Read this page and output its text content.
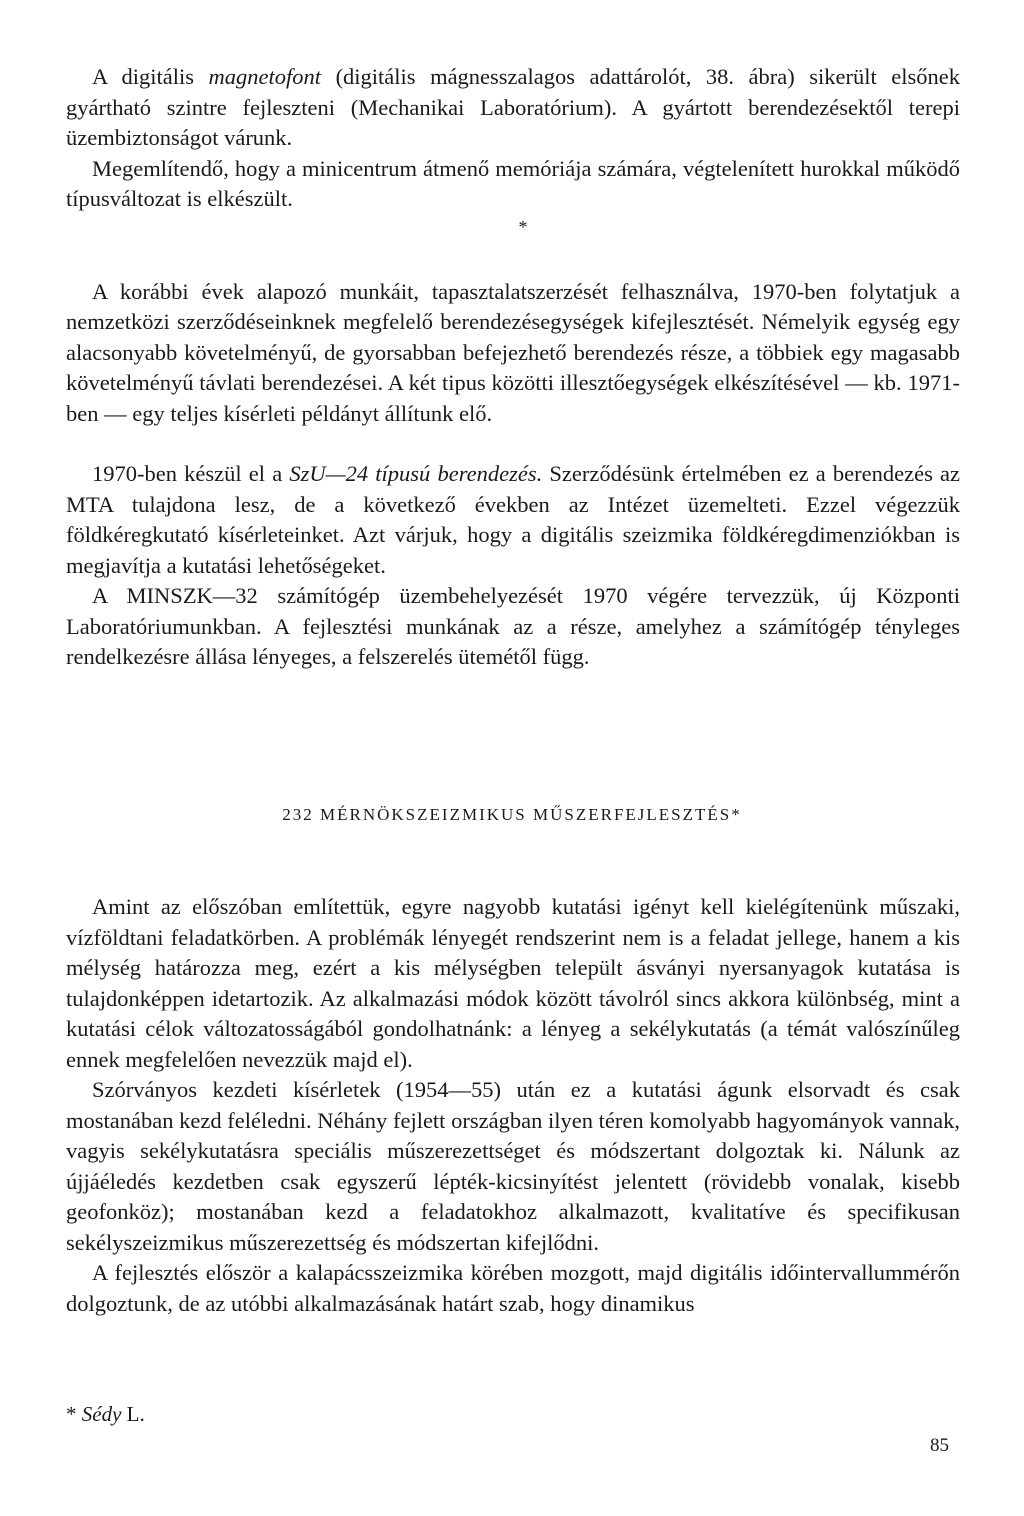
A digitális magnetofont (digitális mágnesszalagos adattárolót, 38. ábra) sikerült elsőnek gyártható szintre fejleszteni (Mechanikai Laboratórium). A gyártott berendezésektől terepi üzembiztonságot várunk.

Megemlítendő, hogy a minicentrum átmenő memóriája számára, végtelenített hurokkal működő típusváltozat is elkészült.

*

A korábbi évek alapozó munkáit, tapasztalatszerzését felhasználva, 1970-ben folytatjuk a nemzetközi szerződéseinknek megfelelő berendezésegységek kifejlesztését. Némelyik egység egy alacsonyabb követelményű, de gyorsabban befejezhető berendezés része, a többiek egy magasabb követelményű távlati berendezései. A két tipus közötti illesztőegységek elkészítésével — kb. 1971-ben — egy teljes kísérleti példányt állítunk elő.

1970-ben készül el a SzU—24 típusú berendezés. Szerződésünk értelmében ez a berendezés az MTA tulajdona lesz, de a következő években az Intézet üzemelteti. Ezzel végezzük földkéregkutató kísérleteinket. Azt várjuk, hogy a digitális szeizmika földkéregdimenziókban is megjavítja a kutatási lehetőségeket.

A MINSZK—32 számítógép üzembehelyezését 1970 végére tervezzük, új Központi Laboratóriumunkban. A fejlesztési munkának az a része, amelyhez a számítógép tényleges rendelkezésre állása lényeges, a felszerelés ütemétől függ.

232 MÉRNÖKSZEIZMIKUS MŰSZERFEJLESZTÉS*

Amint az előszóban említettük, egyre nagyobb kutatási igényt kell kielégítenünk műszaki, vízföldtani feladatkörben. A problémák lényegét rendszerint nem is a feladat jellege, hanem a kis mélység határozza meg, ezért a kis mélységben települt ásványi nyersanyagok kutatása is tulajdonképpen idetartozik. Az alkalmazási módok között távolról sincs akkora különbség, mint a kutatási célok változatosságából gondolhatnánk: a lényeg a sekélykutatás (a témát valószínűleg ennek megfelelően nevezzük majd el).

Szórványos kezdeti kísérletek (1954—55) után ez a kutatási águnk elsorvadt és csak mostanában kezd feléledni. Néhány fejlett országban ilyen téren komolyabb hagyományok vannak, vagyis sekélykutatásra speciális műszerezettséget és módszertant dolgoztak ki. Nálunk az újjáéledés kezdetben csak egyszerű lépték-kicsinyítést jelentett (rövidebb vonalak, kisebb geofonköz); mostanában kezd a feladatokhoz alkalmazott, kvalitatíve és specifikusan sekélyszeizmikus műszerezettség és módszertan kifejlődni.

A fejlesztés először a kalapácsszeizmika körében mozgott, majd digitális időintervallummérőn dolgoztunk, de az utóbbi alkalmazásának határt szab, hogy dinamikus

* Sédy L.
85
